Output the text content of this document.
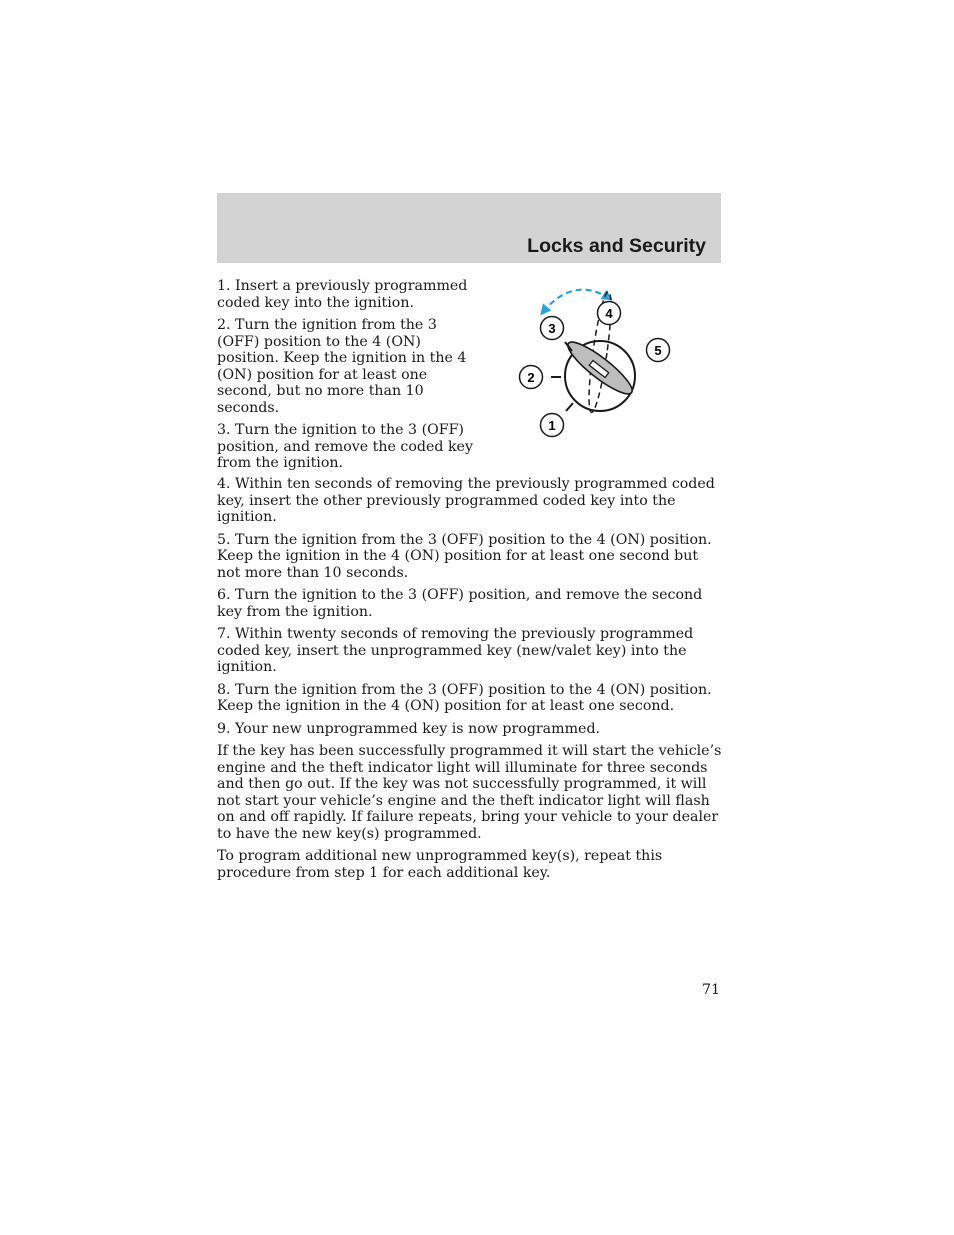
Locks and Security

1. Insert a previously programmed coded key into the ignition.

2. Turn the ignition from the 3 (OFF) position to the 4 (ON) position. Keep the ignition in the 4 (ON) position for at least one second, but no more than 10 seconds.

3. Turn the ignition to the 3 (OFF) position, and remove the coded key from the ignition.

3
4
5
2
1

4. Within ten seconds of removing the previously programmed coded key, insert the other previously programmed coded key into the ignition.

5. Turn the ignition from the 3 (OFF) position to the 4 (ON) position. Keep the ignition in the 4 (ON) position for at least one second but not more than 10 seconds.

6. Turn the ignition to the 3 (OFF) position, and remove the second key from the ignition.

7. Within twenty seconds of removing the previously programmed coded key, insert the unprogrammed key (new/valet key) into the ignition.

8. Turn the ignition from the 3 (OFF) position to the 4 (ON) position. Keep the ignition in the 4 (ON) position for at least one second.

9. Your new unprogrammed key is now programmed.

If the key has been successfully programmed it will start the vehicle’s engine and the theft indicator light will illuminate for three seconds and then go out. If the key was not successfully programmed, it will not start your vehicle’s engine and the theft indicator light will flash on and off rapidly. If failure repeats, bring your vehicle to your dealer to have the new key(s) programmed.

To program additional new unprogrammed key(s), repeat this procedure from step 1 for each additional key.

71
